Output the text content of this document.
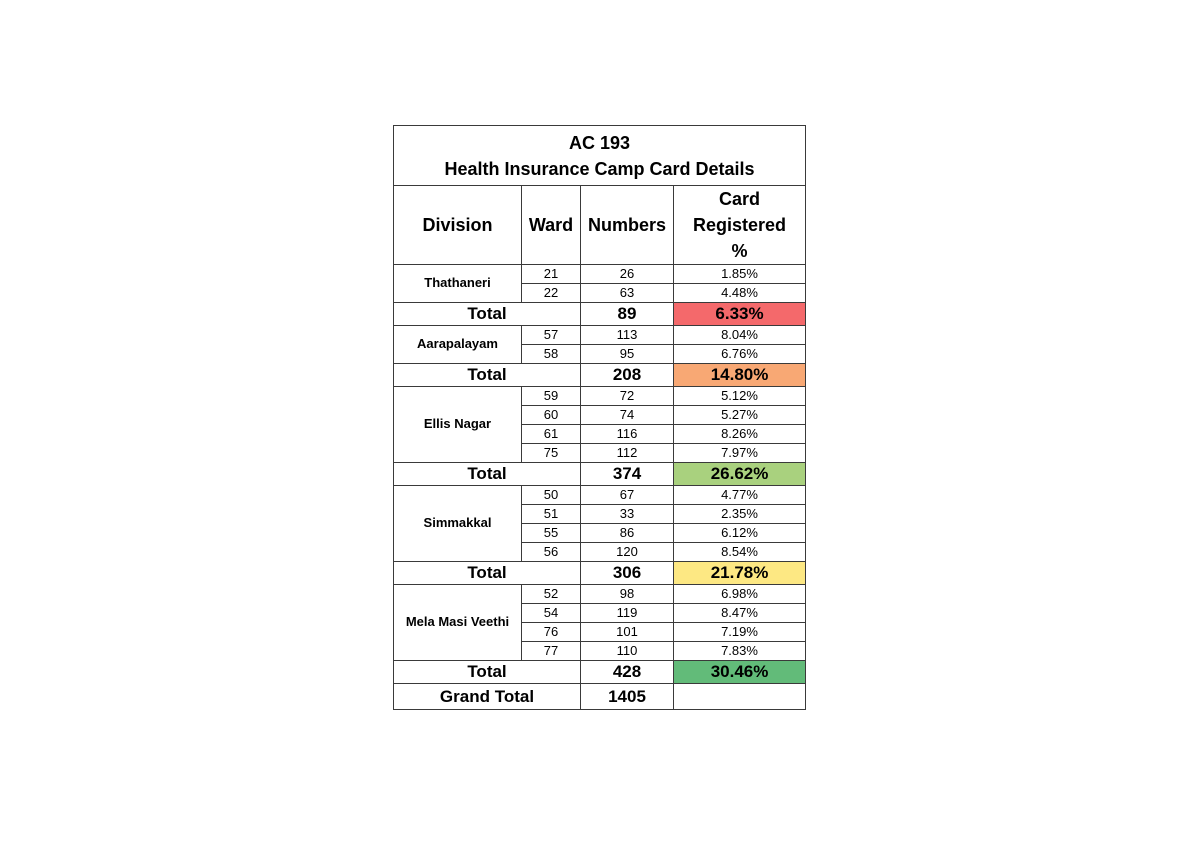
AC 193
Health Insurance Camp Card Details			

Division	Ward	Numbers	Card
Registered
%

Thathaneri	21	26	1.85%
	22	63	4.48%
Total		89	6.33%
Aarapalayam	57	113	8.04%
	58	95	6.76%
Total		208	14.80%
Ellis Nagar	59	72	5.12%
	60	74	5.27%
	61	116	8.26%
	75	112	7.97%
Total		374	26.62%
Simmakkal	50	67	4.77%
	51	33	2.35%
	55	86	6.12%
	56	120	8.54%
Total		306	21.78%
Mela Masi Veethi	52	98	6.98%
	54	119	8.47%
	76	101	7.19%
	77	110	7.83%
Total		428	30.46%
Grand Total		1405	
